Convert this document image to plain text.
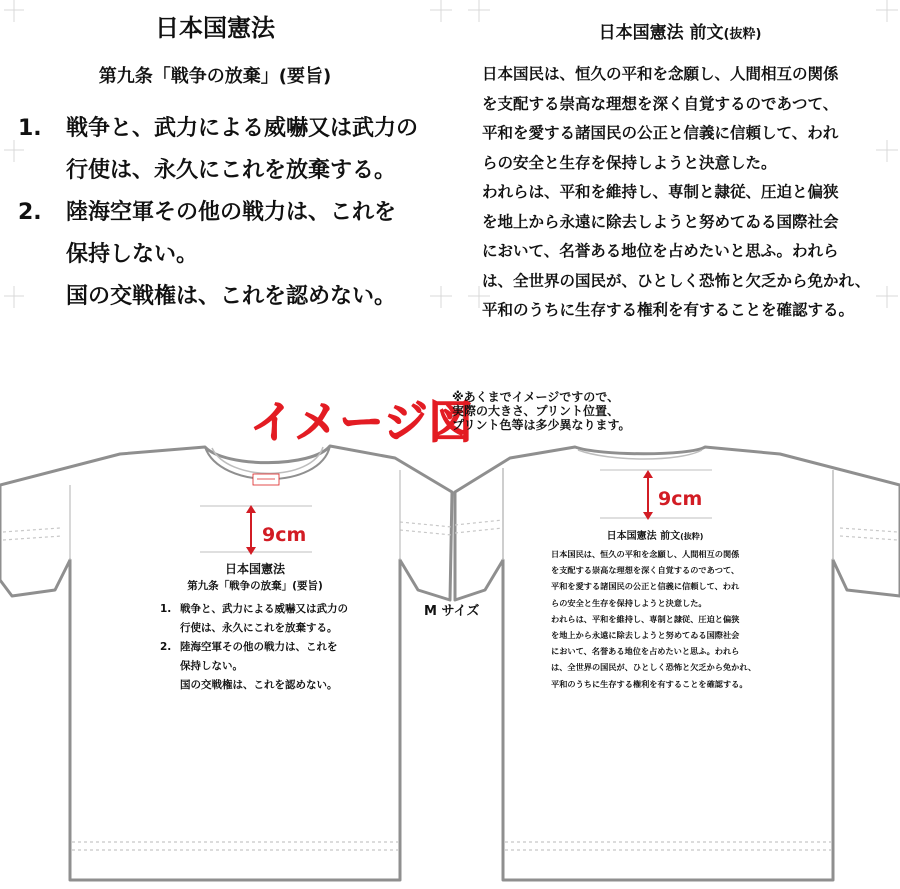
日本国憲法
第九条「戦争の放棄」(要旨)
1.	戦争と、武力による威嚇又は武力の
行使は、永久にこれを放棄する。
2.	陸海空軍その他の戦力は、これを
保持しない。
国の交戦権は、これを認めない。
日本国憲法 前文(抜粋)
日本国民は、恒久の平和を念願し、人間相互の関係
を支配する崇高な理想を深く自覚するのであつて、
平和を愛する諸国民の公正と信義に信頼して、われ
らの安全と生存を保持しようと決意した。
われらは、平和を維持し、専制と隷従、圧迫と偏狭
を地上から永遠に除去しようと努めてゐる国際社会
において、名誉ある地位を占めたいと思ふ。われら
は、全世界の国民が、ひとしく恐怖と欠乏から免かれ、
平和のうちに生存する権利を有することを確認する。
イメージ図
※あくまでイメージですので、
実際の大きさ、プリント位置、
プリント色等は多少異なります。
9cm
日本国憲法
第九条「戦争の放棄」(要旨)
1. 戦争と、武力による威嚇又は武力の
行使は、永久にこれを放棄する。
2. 陸海空軍その他の戦力は、これを
保持しない。
国の交戦権は、これを認めない。
M サイズ
9cm
日本国憲法 前文(抜粋)
日本国民は、恒久の平和を念願し、人間相互の関係
を支配する崇高な理想を深く自覚するのであつて、
平和を愛する諸国民の公正と信義に信頼して、われ
らの安全と生存を保持しようと決意した。
われらは、平和を維持し、専制と隷従、圧迫と偏狭
を地上から永遠に除去しようと努めてゐる国際社会
において、名誉ある地位を占めたいと思ふ。われら
は、全世界の国民が、ひとしく恐怖と欠乏から免かれ、
平和のうちに生存する権利を有することを確認する。
